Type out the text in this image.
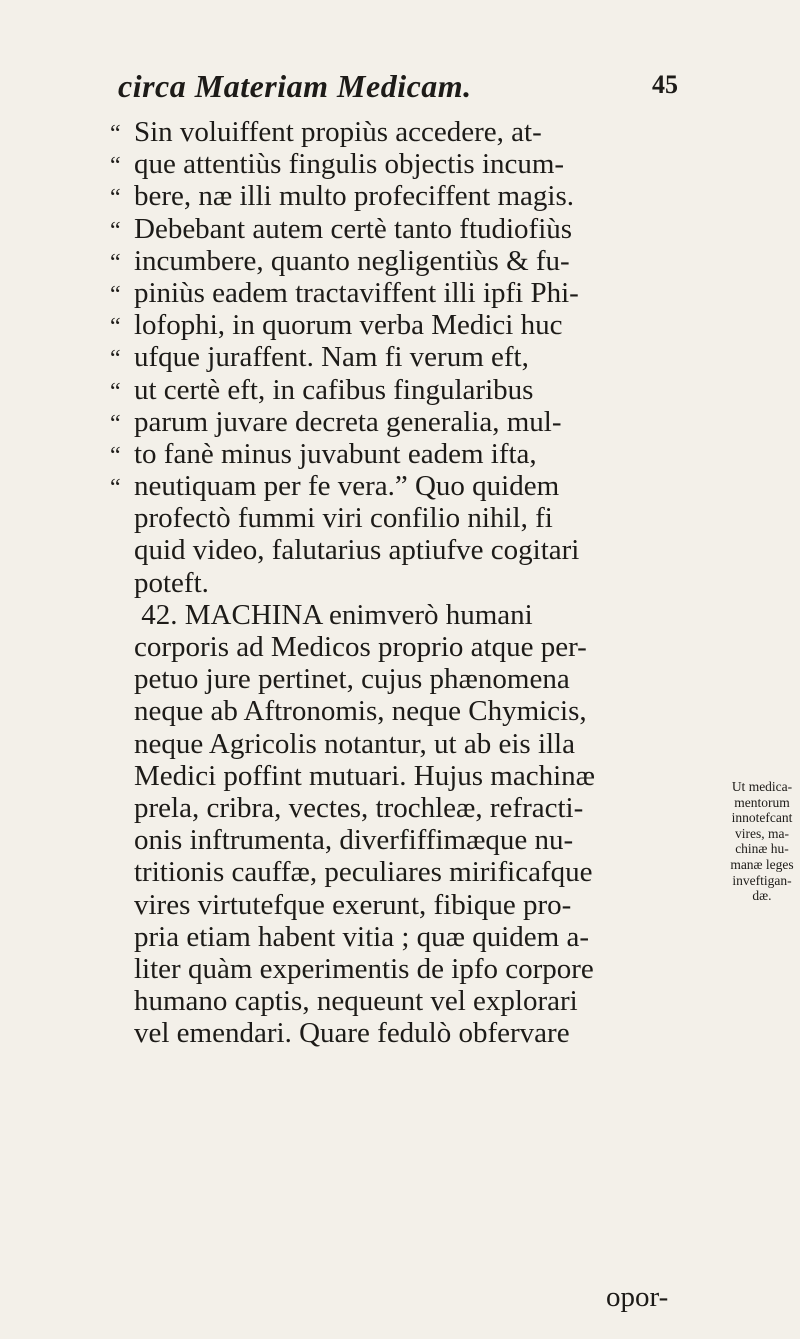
circa Materiam Medicam.	45
“ Sin voluiffent propiùs accedere, at-
“ que attentiùs fingulis objectis incum-
“ bere, næ illi multo profeciffent magis.
“ Debebant autem certè tanto ftudiofiùs
“ incumbere, quanto negligentiùs & fu-
“ piniùs eadem tractaviffent illi ipfi Phi-
“ lofophi, in quorum verba Medici huc
“ ufque juraffent. Nam fi verum eft,
“ ut certè eft, in cafibus fingularibus
“ parum juvare decreta generalia, mul-
“ to fanè minus juvabunt eadem ifta,
“ neutiquam per fe vera.” Quo quidem
profectò fummi viri confilio nihil, fi
quid video, falutarius aptiufve cogitari
poteft.
42. MACHINA enimverò humani
corporis ad Medicos proprio atque per-
petuo jure pertinet, cujus phænomena
neque ab Aftronomis, neque Chymicis,
neque Agricolis notantur, ut ab eis illa
Medici poffint mutuari. Hujus machinæ
prela, cribra, vectes, trochleæ, refracti-
onis inftrumenta, diverfiffimæque nu-
tritionis cauffæ, peculiares mirificafque
vires virtutefque exerunt, fibique pro-
pria etiam habent vitia ; quæ quidem a-
liter quàm experimentis de ipfo corpore
humano captis, nequeunt vel explorari
vel emendari. Quare fedulò obfervare
Ut medica-
mentorum
innotefcant
vires, ma-
chinæ hu-
manæ leges
inveftigan-
dæ.
opor-
